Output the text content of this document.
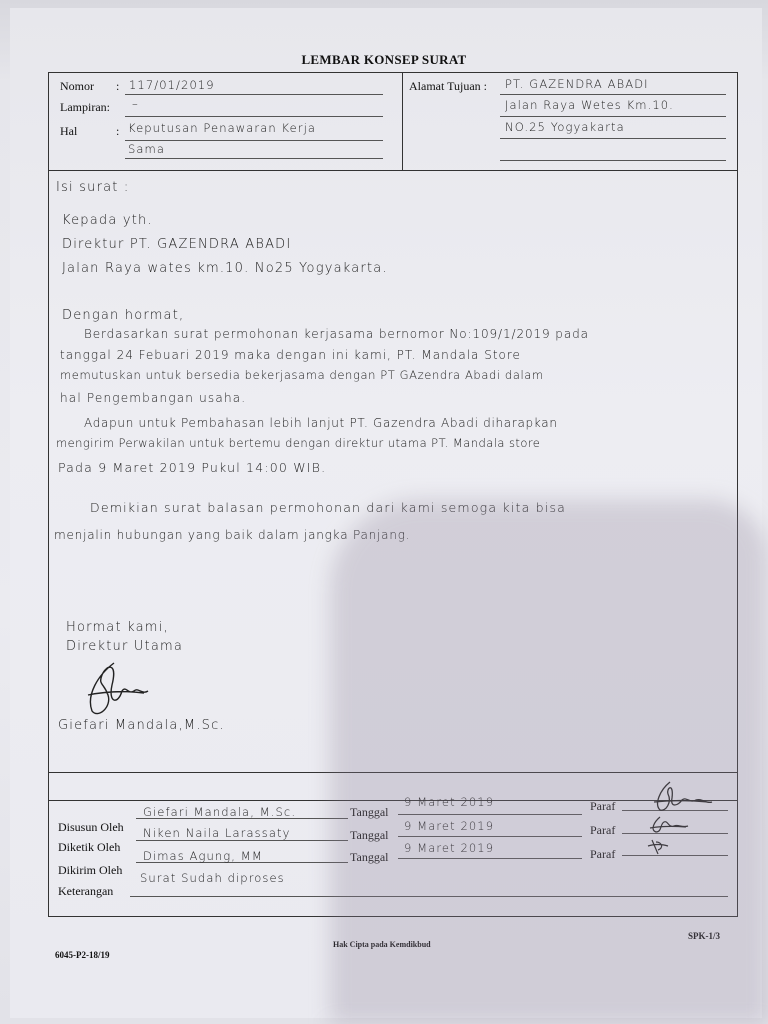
LEMBAR KONSEP SURAT
Nomor : 117/01/2019
Lampiran: –
Hal	: Keputusan Penawaran Kerja
Sama
Alamat Tujuan : PT. GAZENDRA ABADI
Jalan Raya Wetes Km.10.
NO.25 Yogyakarta
Isi surat :
Kepada yth.
Direktur PT. GAZENDRA ABADI
Jalan Raya wates km.10. No25 Yogyakarta.
Dengan hormat,
Berdasarkan surat permohonan kerjasama bernomor No:109/1/2019 pada
tanggal 24 Febuari 2019 maka dengan ini kami, PT. Mandala Store
memutuskan untuk bersedia bekerjasama dengan PT GAzendra Abadi dalam
hal Pengembangan usaha.
Adapun untuk Pembahasan lebih lanjut PT. Gazendra Abadi diharapkan
mengirim Perwakilan untuk bertemu dengan direktur utama PT. Mandala store
Pada 9 Maret 2019 Pukul 14:00 WIB.
Demikian surat balasan permohonan dari kami semoga kita bisa
menjalin hubungan yang baik dalam jangka Panjang.
Hormat kami,
Direktur Utama
Giefari Mandala,M.Sc.
Disusun Oleh
Diketik Oleh
Dikirim Oleh
Keterangan
Giefari Mandala, M.Sc.
Niken Naila Larassaty
Dimas Agung, MM
Surat Sudah diproses
Tanggal
Tanggal
Tanggal
9 Maret 2019
9 Maret 2019
9 Maret 2019
Paraf
Paraf
Paraf
6045-P2-18/19
Hak Cipta pada Kemdikbud
SPK-1/3
